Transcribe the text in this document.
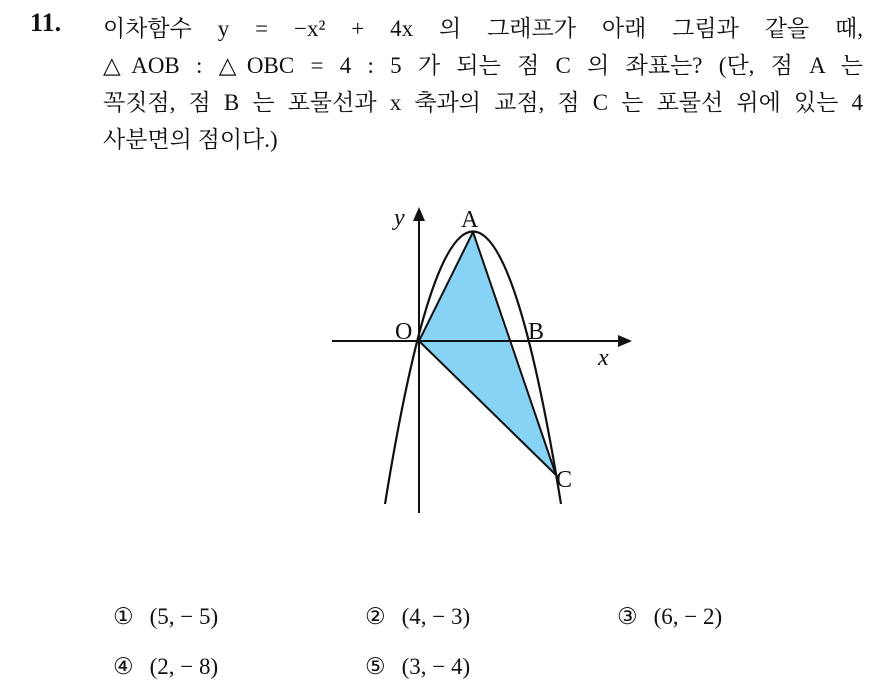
11. 이차함수 y = −x² + 4x 의 그래프가 아래 그림과 같을 때,

△AOB : △OBC = 4 : 5 가 되는 점 C 의 좌표는? (단, 점 A 는

꼭짓점, 점 B 는 포물선과 x 축과의 교점, 점 C 는 포물선 위에 있는 4

사분면의 점이다.)

y
x
O
A
B
C
① (5, − 5)	② (4, − 3)	③ (6, − 2)
④ (2, − 8)	⑤ (3, − 4)
